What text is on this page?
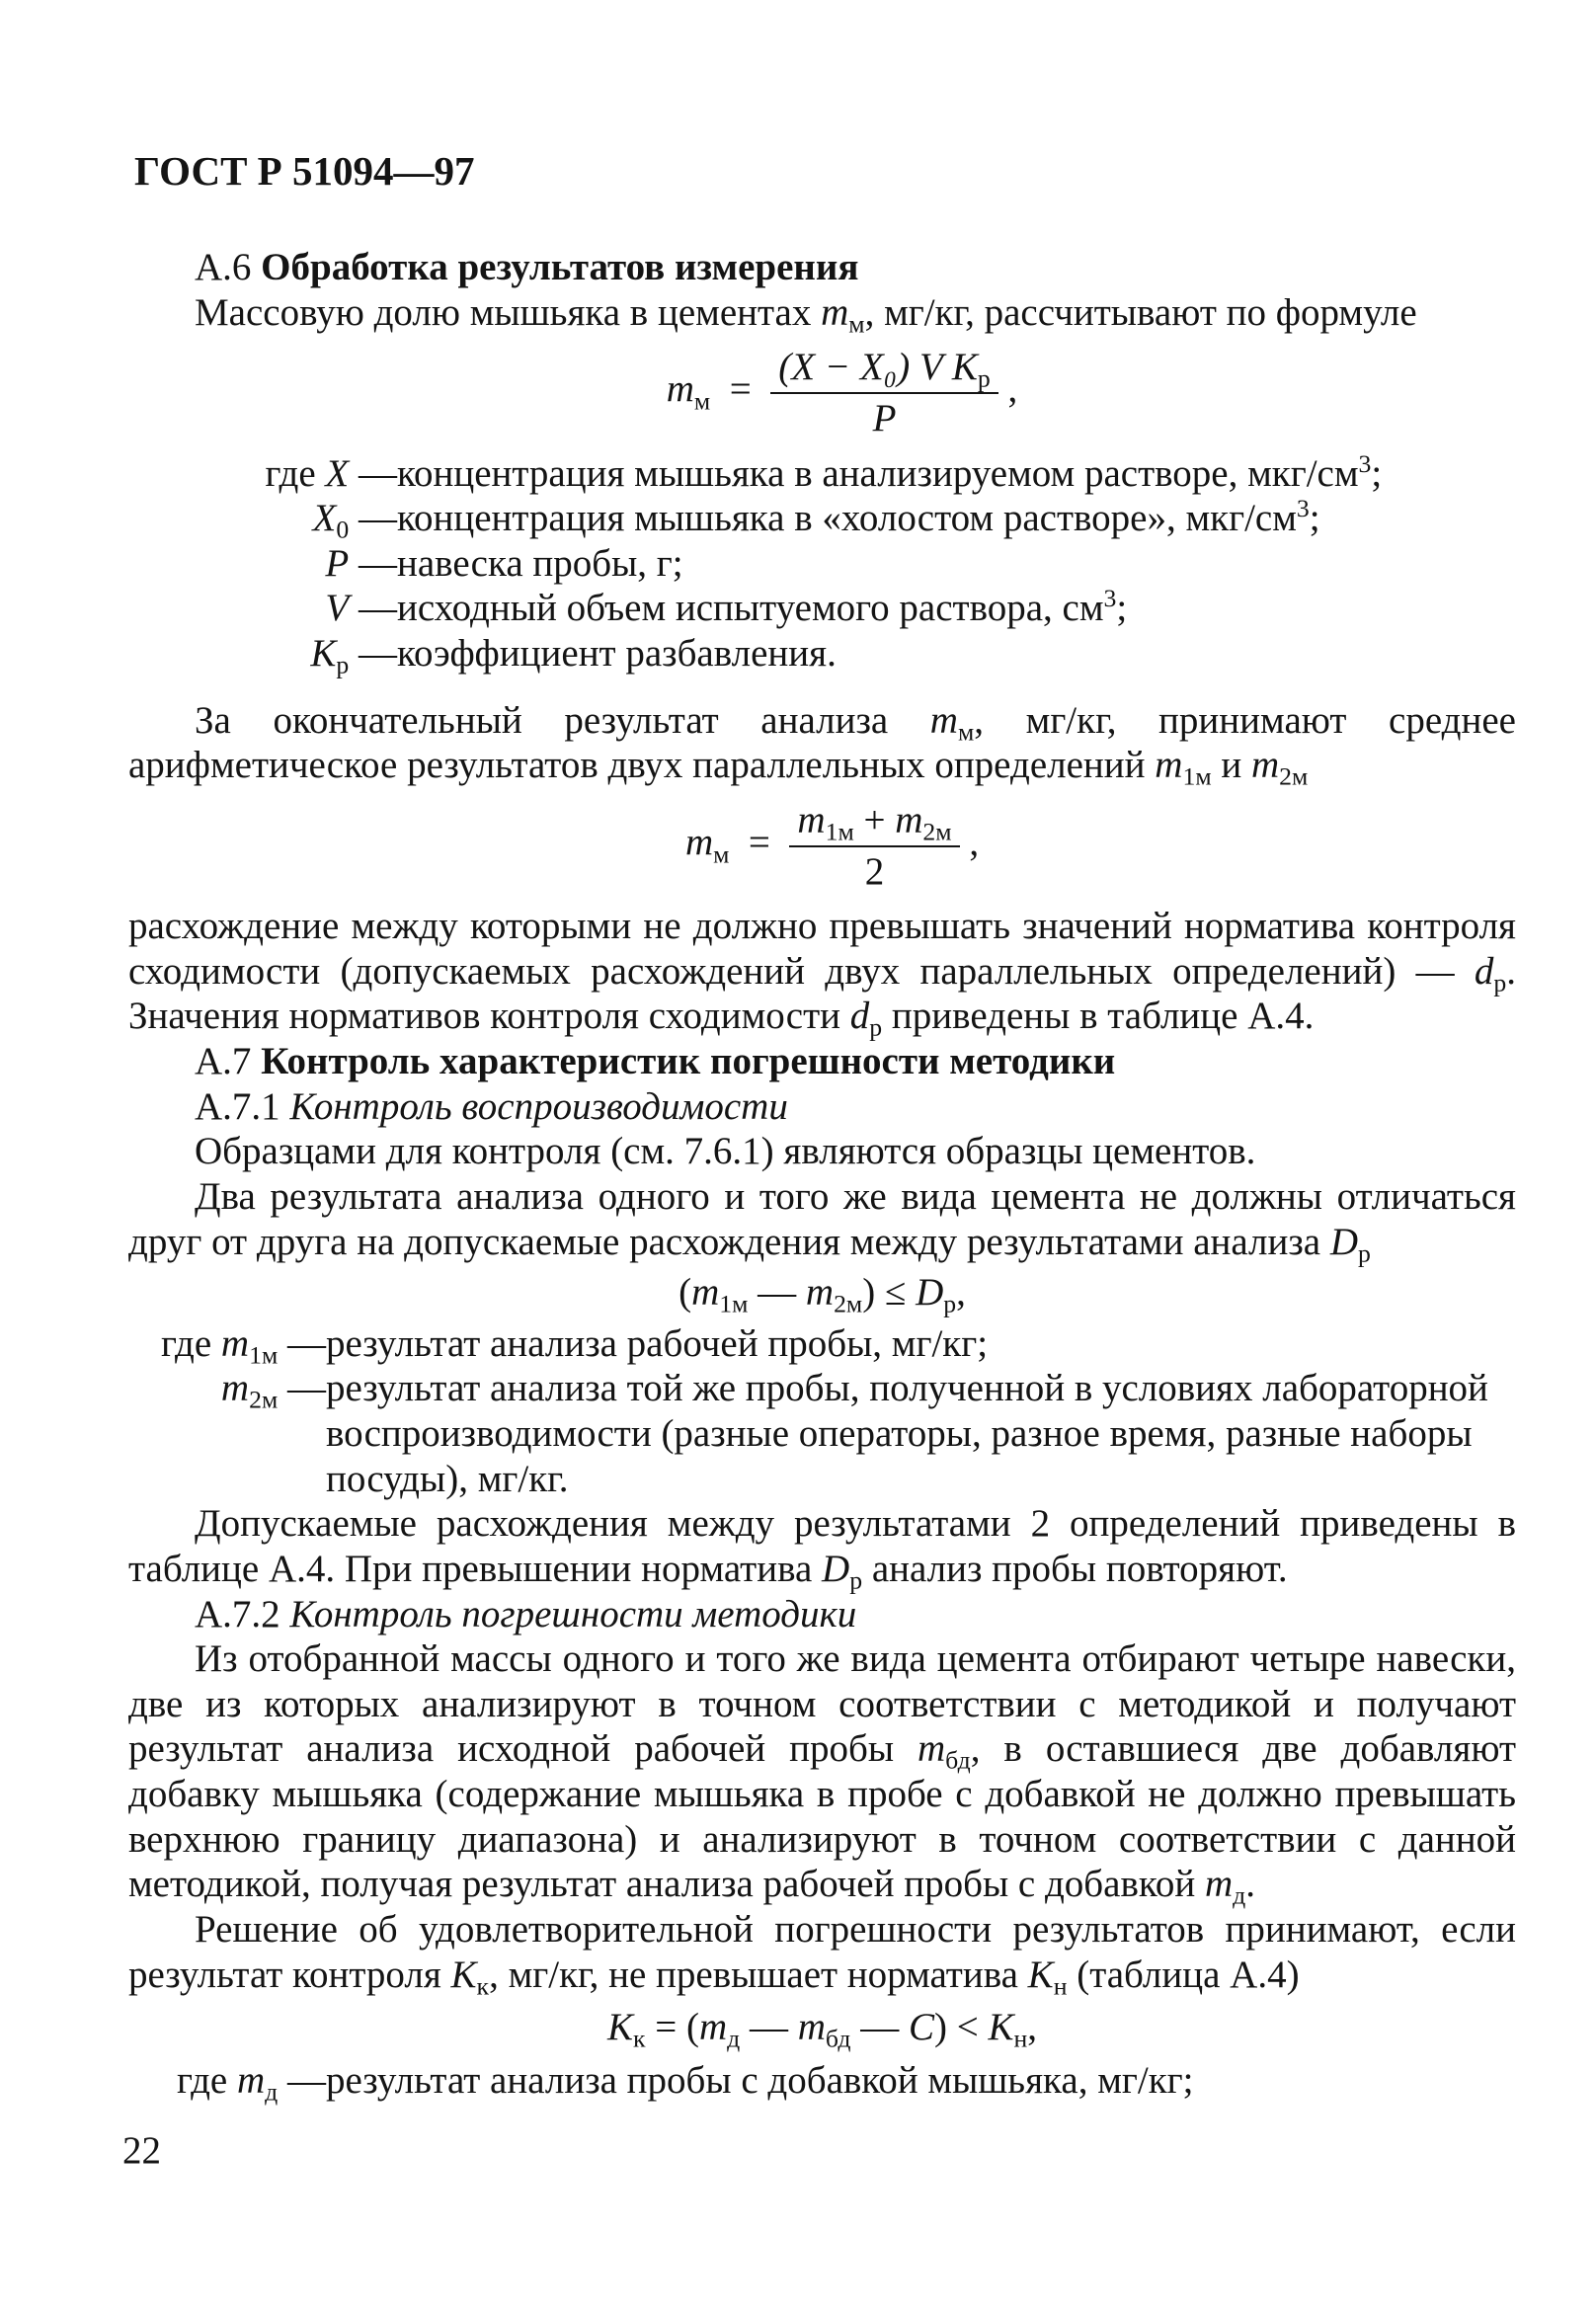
ГОСТ Р 51094—97

А.6 Обработка результатов измерения

Массовую долю мышьяка в цементах $m_м$, мг/кг, рассчитывают по формуле

$m_м = \frac{(X - X_0) V K_р}{P}$ ,
где X — концентрация мышьяка в анализируемом растворе, мкг/$см^3$;
$X_0$ — концентрация мышьяка в «холостом растворе», мкг/$см^3$;
P — навеска пробы, г;
V — исходный объем испытуемого раствора, $см^3$;
$K_р$ — коэффициент разбавления.

За окончательный результат анализа $m_м$, мг/кг, принимают среднее арифметическое результатов двух параллельных определений $m_{1м}$ и $m_{2м}$

$m_м = \frac{m_{1м} + m_{2м}}{2}$ ,

расхождение между которыми не должно превышать значений норматива контроля сходимости (допускаемых расхождений двух параллельных определений) — $d_р$. Значения нормативов контроля сходимости $d_р$ приведены в таблице А.4.

А.7 Контроль характеристик погрешности методики

А.7.1 Контроль воспроизводимости

Образцами для контроля (см. 7.6.1) являются образцы цементов.

Два результата анализа одного и того же вида цемента не должны отличаться друг от друга на допускаемые расхождения между результатами анализа $D_р$

($m_{1м}$ — $m_{2м}) \le D_р$,
где $m_{1м}$ — результат анализа рабочей пробы, мг/кг;
$m_{2м}$ — результат анализа той же пробы, полученной в условиях лабораторной воспроизводимости (разные операторы, разное время, разные наборы посуды), мг/кг.

Допускаемые расхождения между результатами 2 определений приведены в таблице А.4. При превышении норматива $D_р$ анализ пробы повторяют.

А.7.2 Контроль погрешности методики

Из отобранной массы одного и того же вида цемента отбирают четыре навески, две из которых анализируют в точном соответствии с методикой и получают результат анализа исходной рабочей пробы $m_{бд}$, в оставшиеся две добавляют добавку мышьяка (содержание мышьяка в пробе с добавкой не должно превышать верхнюю границу диапазона) и анализируют в точном соответствии с данной методикой, получая результат анализа рабочей пробы с добавкой $m_д$.

Решение об удовлетворительной погрешности результатов принимают, если результат контроля $K_к$, мг/кг, не превышает норматива $K_н$ (таблица А.4)

$K_к = (m_д$ — $m_{бд}$ — $C) < K_н$,
где $m_д$ — результат анализа пробы с добавкой мышьяка, мг/кг;
22
